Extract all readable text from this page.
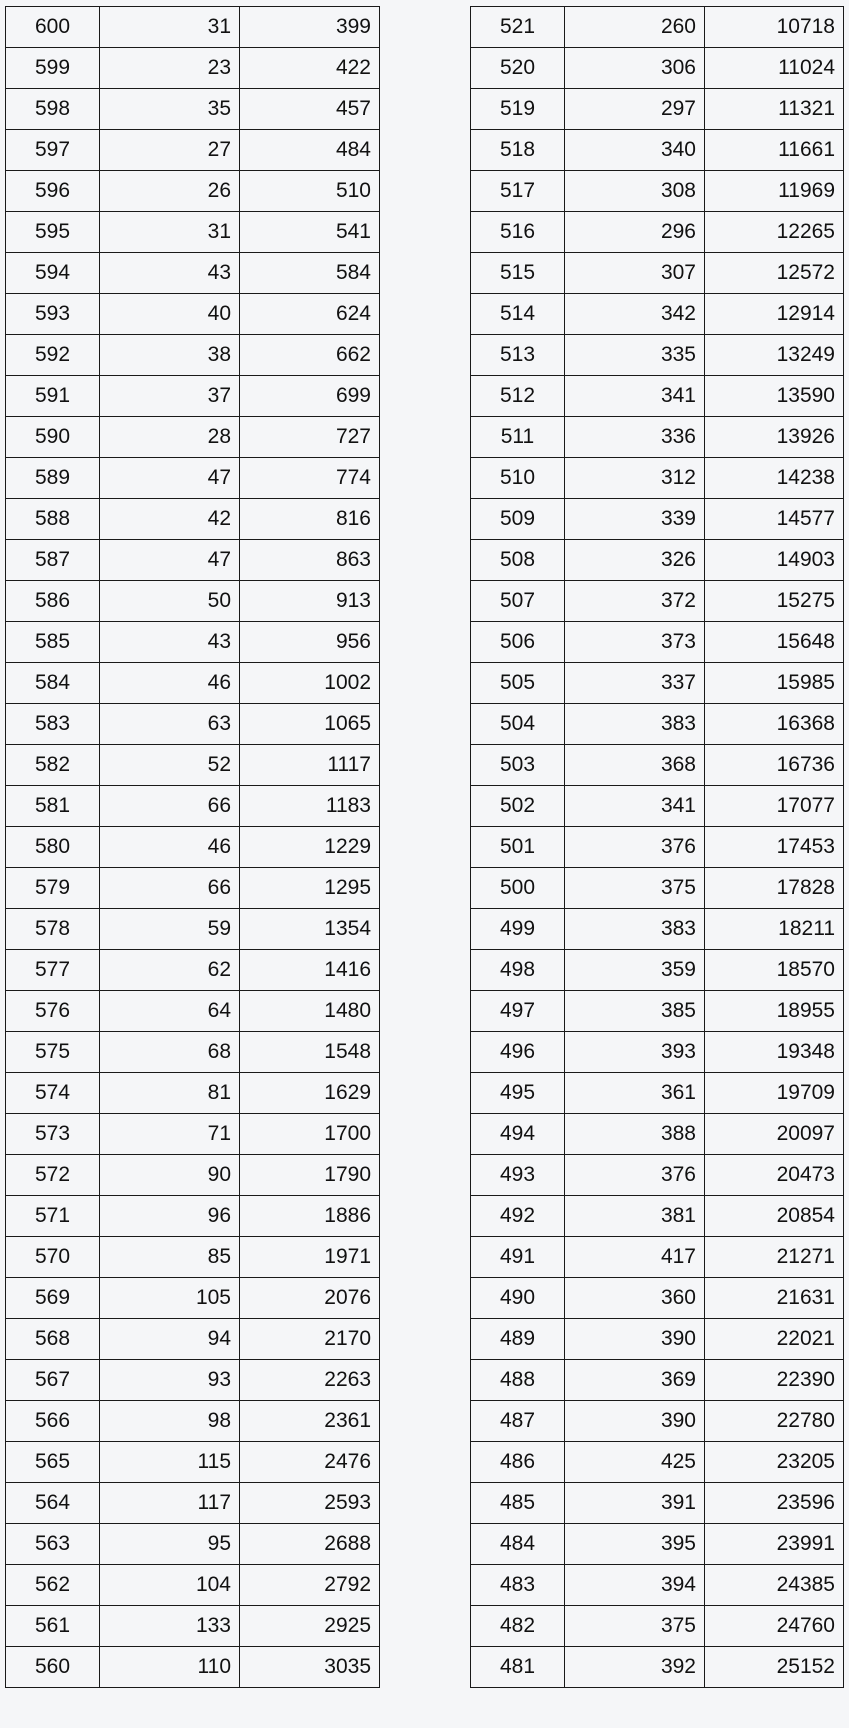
600	31	399
599	23	422
598	35	457
597	27	484
596	26	510
595	31	541
594	43	584
593	40	624
592	38	662
591	37	699
590	28	727
589	47	774
588	42	816
587	47	863
586	50	913
585	43	956
584	46	1002
583	63	1065
582	52	1117
581	66	1183
580	46	1229
579	66	1295
578	59	1354
577	62	1416
576	64	1480
575	68	1548
574	81	1629
573	71	1700
572	90	1790
571	96	1886
570	85	1971
569	105	2076
568	94	2170
567	93	2263
566	98	2361
565	115	2476
564	117	2593
563	95	2688
562	104	2792
561	133	2925
560	110	3035
521	260	10718
520	306	11024
519	297	11321
518	340	11661
517	308	11969
516	296	12265
515	307	12572
514	342	12914
513	335	13249
512	341	13590
511	336	13926
510	312	14238
509	339	14577
508	326	14903
507	372	15275
506	373	15648
505	337	15985
504	383	16368
503	368	16736
502	341	17077
501	376	17453
500	375	17828
499	383	18211
498	359	18570
497	385	18955
496	393	19348
495	361	19709
494	388	20097
493	376	20473
492	381	20854
491	417	21271
490	360	21631
489	390	22021
488	369	22390
487	390	22780
486	425	23205
485	391	23596
484	395	23991
483	394	24385
482	375	24760
481	392	25152
